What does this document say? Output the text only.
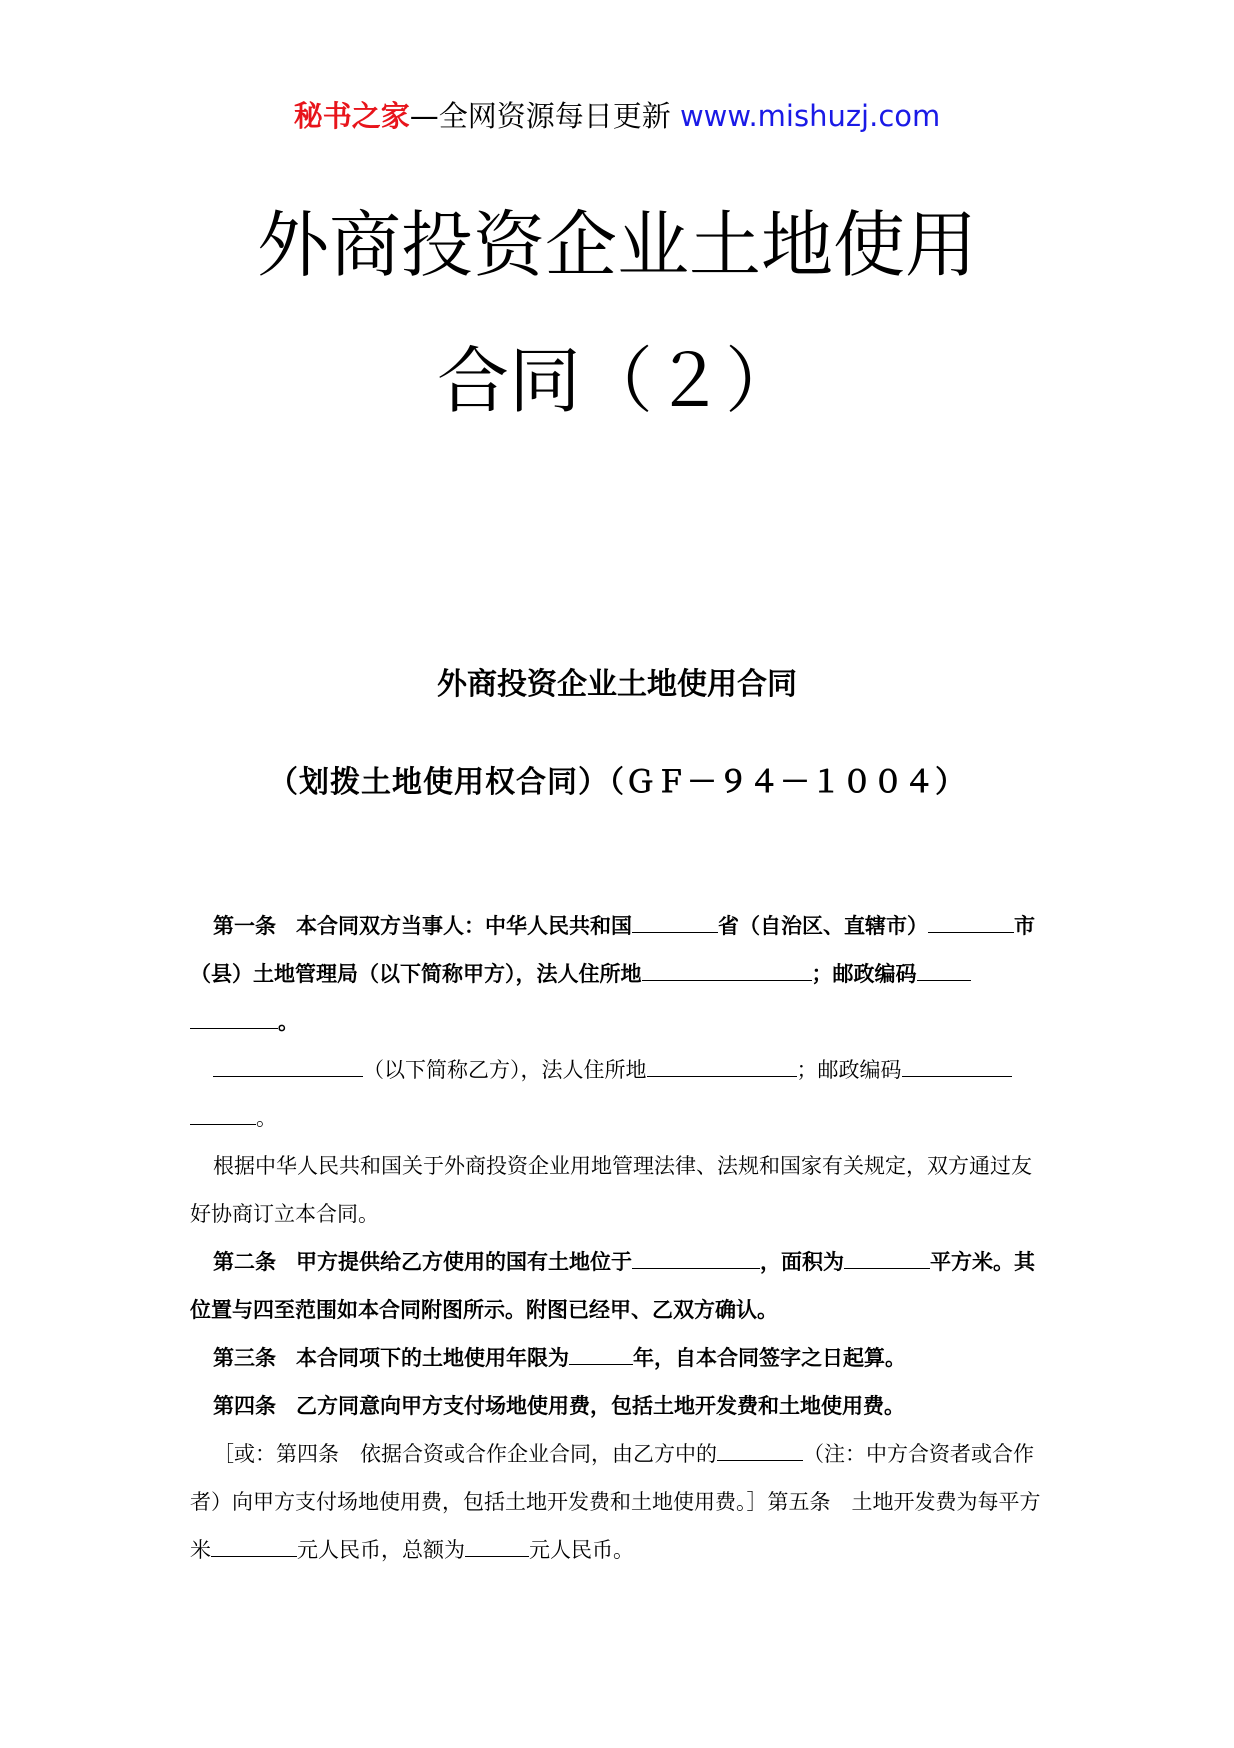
秘书之家—全网资源每日更新 www.mishuzj.com
外商投资企业土地使用
合同（２）
外商投资企业土地使用合同
（划拨土地使用权合同）（ＧＦ－９４－１００４）

第一条 本合同双方当事人：中华人民共和国	省（自治区、直辖市）	市（县）土地管理局（以下简称甲方），法人住所地	；邮政编码。

（以下简称乙方），法人住所地	；邮政编码。

根据中华人民共和国关于外商投资企业用地管理法律、法规和国家有关规定，双方通过友好协商订立本合同。

第二条 甲方提供给乙方使用的国有土地位于	，面积为	平方米。其位置与四至范围如本合同附图所示。附图已经甲、乙双方确认。

第三条 本合同项下的土地使用年限为	年，自本合同签字之日起算。

第四条 乙方同意向甲方支付场地使用费，包括土地开发费和土地使用费。

［或：第四条　依据合资或合作企业合同，由乙方中的	（注：中方合资者或合作者）向甲方支付场地使用费，包括土地开发费和土地使用费。］第五条　土地开发费为每平方米	元人民币，总额为	元人民币。
